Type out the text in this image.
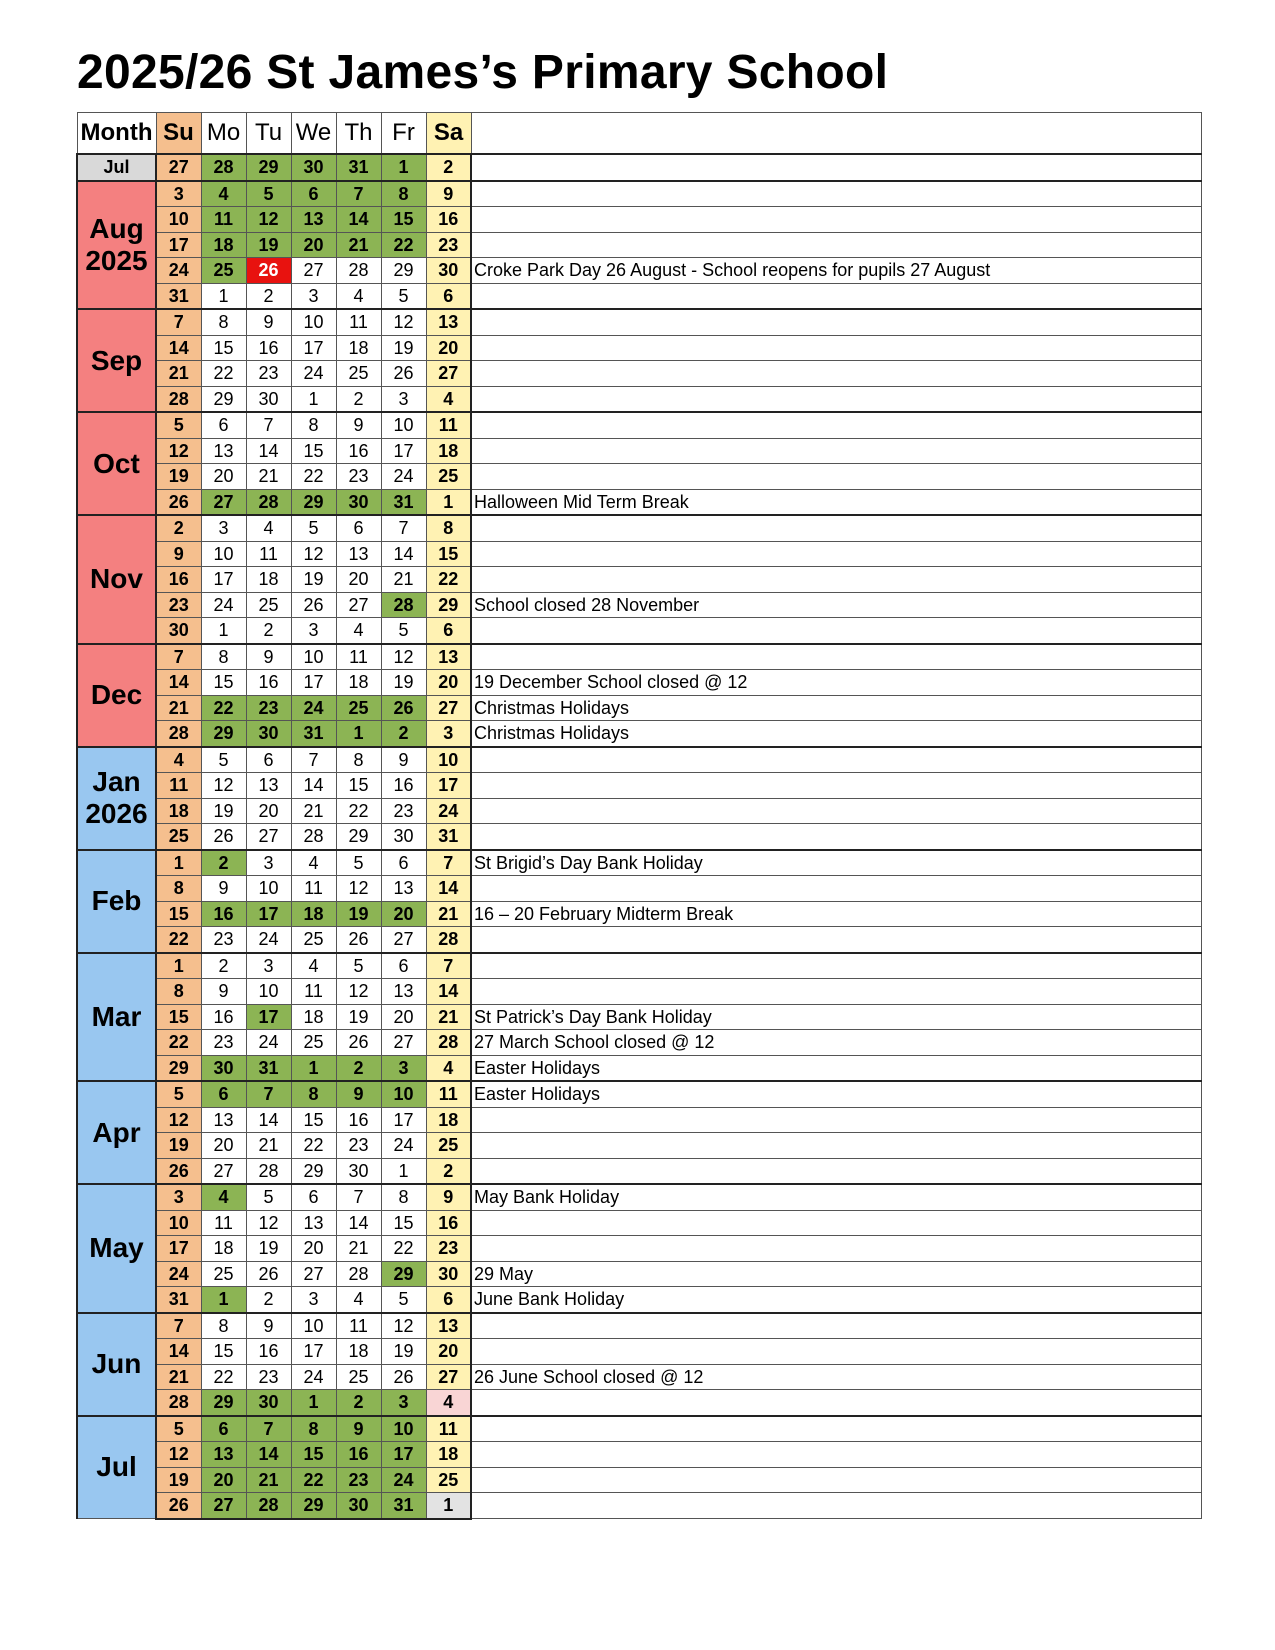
2025/26 St James’s Primary School
Month	Su	Mo	Tu	We	Th	Fr	Sa	
Jul	27	28	29	30	31	1	2	
Aug 2025	3	4	5	6	7	8	9	
	10	11	12	13	14	15	16	
	17	18	19	20	21	22	23	
	24	25	26	27	28	29	30	Croke Park Day 26 August - School reopens for pupils 27 August
	31	1	2	3	4	5	6	
Sep	7	8	9	10	11	12	13	
	14	15	16	17	18	19	20	
	21	22	23	24	25	26	27	
	28	29	30	1	2	3	4	
Oct	5	6	7	8	9	10	11	
	12	13	14	15	16	17	18	
	19	20	21	22	23	24	25	
	26	27	28	29	30	31	1	Halloween Mid Term Break
Nov	2	3	4	5	6	7	8	
	9	10	11	12	13	14	15	
	16	17	18	19	20	21	22	
	23	24	25	26	27	28	29	School closed 28 November
	30	1	2	3	4	5	6	
Dec	7	8	9	10	11	12	13	
	14	15	16	17	18	19	20	19 December School closed @ 12
	21	22	23	24	25	26	27	Christmas Holidays
	28	29	30	31	1	2	3	Christmas Holidays
Jan 2026	4	5	6	7	8	9	10	
	11	12	13	14	15	16	17	
	18	19	20	21	22	23	24	
	25	26	27	28	29	30	31	
Feb	1	2	3	4	5	6	7	St Brigid’s Day Bank Holiday
	8	9	10	11	12	13	14	
	15	16	17	18	19	20	21	16 – 20 February Midterm Break
	22	23	24	25	26	27	28	
Mar	1	2	3	4	5	6	7	
	8	9	10	11	12	13	14	
	15	16	17	18	19	20	21	St Patrick’s Day Bank Holiday
	22	23	24	25	26	27	28	27 March School closed @ 12
	29	30	31	1	2	3	4	Easter Holidays
Apr	5	6	7	8	9	10	11	Easter Holidays
	12	13	14	15	16	17	18	
	19	20	21	22	23	24	25	
	26	27	28	29	30	1	2	
May	3	4	5	6	7	8	9	May Bank Holiday
	10	11	12	13	14	15	16	
	17	18	19	20	21	22	23	
	24	25	26	27	28	29	30	29 May
	31	1	2	3	4	5	6	June Bank Holiday
Jun	7	8	9	10	11	12	13	
	14	15	16	17	18	19	20	
	21	22	23	24	25	26	27	26 June School closed @ 12
	28	29	30	1	2	3	4	
Jul	5	6	7	8	9	10	11	
	12	13	14	15	16	17	18	
	19	20	21	22	23	24	25	
	26	27	28	29	30	31	1	
